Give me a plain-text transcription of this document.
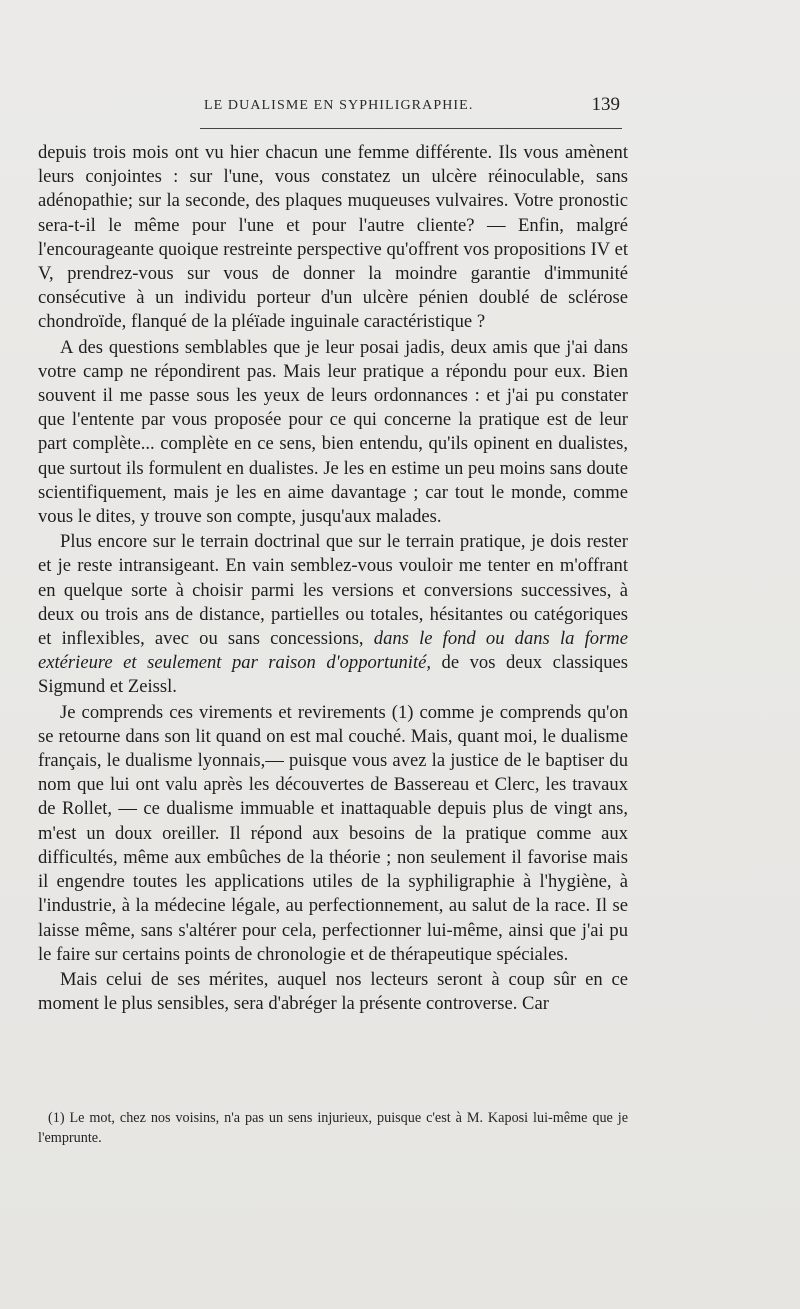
LE DUALISME EN SYPHILIGRAPHIE.	139

depuis trois mois ont vu hier chacun une femme différente. Ils vous amènent leurs conjointes : sur l'une, vous constatez un ulcère réinoculable, sans adénopathie; sur la seconde, des plaques muqueuses vulvaires. Votre pronostic sera-t-il le même pour l'une et pour l'autre cliente? — Enfin, malgré l'encourageante quoique restreinte perspective qu'offrent vos propositions IV et V, prendrez-vous sur vous de donner la moindre garantie d'immunité consécutive à un individu porteur d'un ulcère pénien doublé de sclérose chondroïde, flanqué de la pléïade inguinale caractéristique ?

A des questions semblables que je leur posai jadis, deux amis que j'ai dans votre camp ne répondirent pas. Mais leur pratique a répondu pour eux. Bien souvent il me passe sous les yeux de leurs ordonnances : et j'ai pu constater que l'entente par vous proposée pour ce qui concerne la pratique est de leur part complète... complète en ce sens, bien entendu, qu'ils opinent en dualistes, que surtout ils formulent en dualistes. Je les en estime un peu moins sans doute scientifiquement, mais je les en aime davantage ; car tout le monde, comme vous le dites, y trouve son compte, jusqu'aux malades.

Plus encore sur le terrain doctrinal que sur le terrain pratique, je dois rester et je reste intransigeant. En vain semblez-vous vouloir me tenter en m'offrant en quelque sorte à choisir parmi les versions et conversions successives, à deux ou trois ans de distance, partielles ou totales, hésitantes ou catégoriques et inflexibles, avec ou sans concessions, dans le fond ou dans la forme extérieure et seulement par raison d'opportunité, de vos deux classiques Sigmund et Zeissl.

Je comprends ces virements et revirements (1) comme je comprends qu'on se retourne dans son lit quand on est mal couché. Mais, quant moi, le dualisme français, le dualisme lyonnais,— puisque vous avez la justice de le baptiser du nom que lui ont valu après les découvertes de Bassereau et Clerc, les travaux de Rollet, — ce dualisme immuable et inattaquable depuis plus de vingt ans, m'est un doux oreiller. Il répond aux besoins de la pratique comme aux difficultés, même aux embûches de la théorie ; non seulement il favorise mais il engendre toutes les applications utiles de la syphiligraphie à l'hygiène, à l'industrie, à la médecine légale, au perfectionnement, au salut de la race. Il se laisse même, sans s'altérer pour cela, perfectionner lui-même, ainsi que j'ai pu le faire sur certains points de chronologie et de thérapeutique spéciales.

Mais celui de ses mérites, auquel nos lecteurs seront à coup sûr en ce moment le plus sensibles, sera d'abréger la présente controverse. Car

(1) Le mot, chez nos voisins, n'a pas un sens injurieux, puisque c'est à M. Kaposi lui-même que je l'emprunte.
